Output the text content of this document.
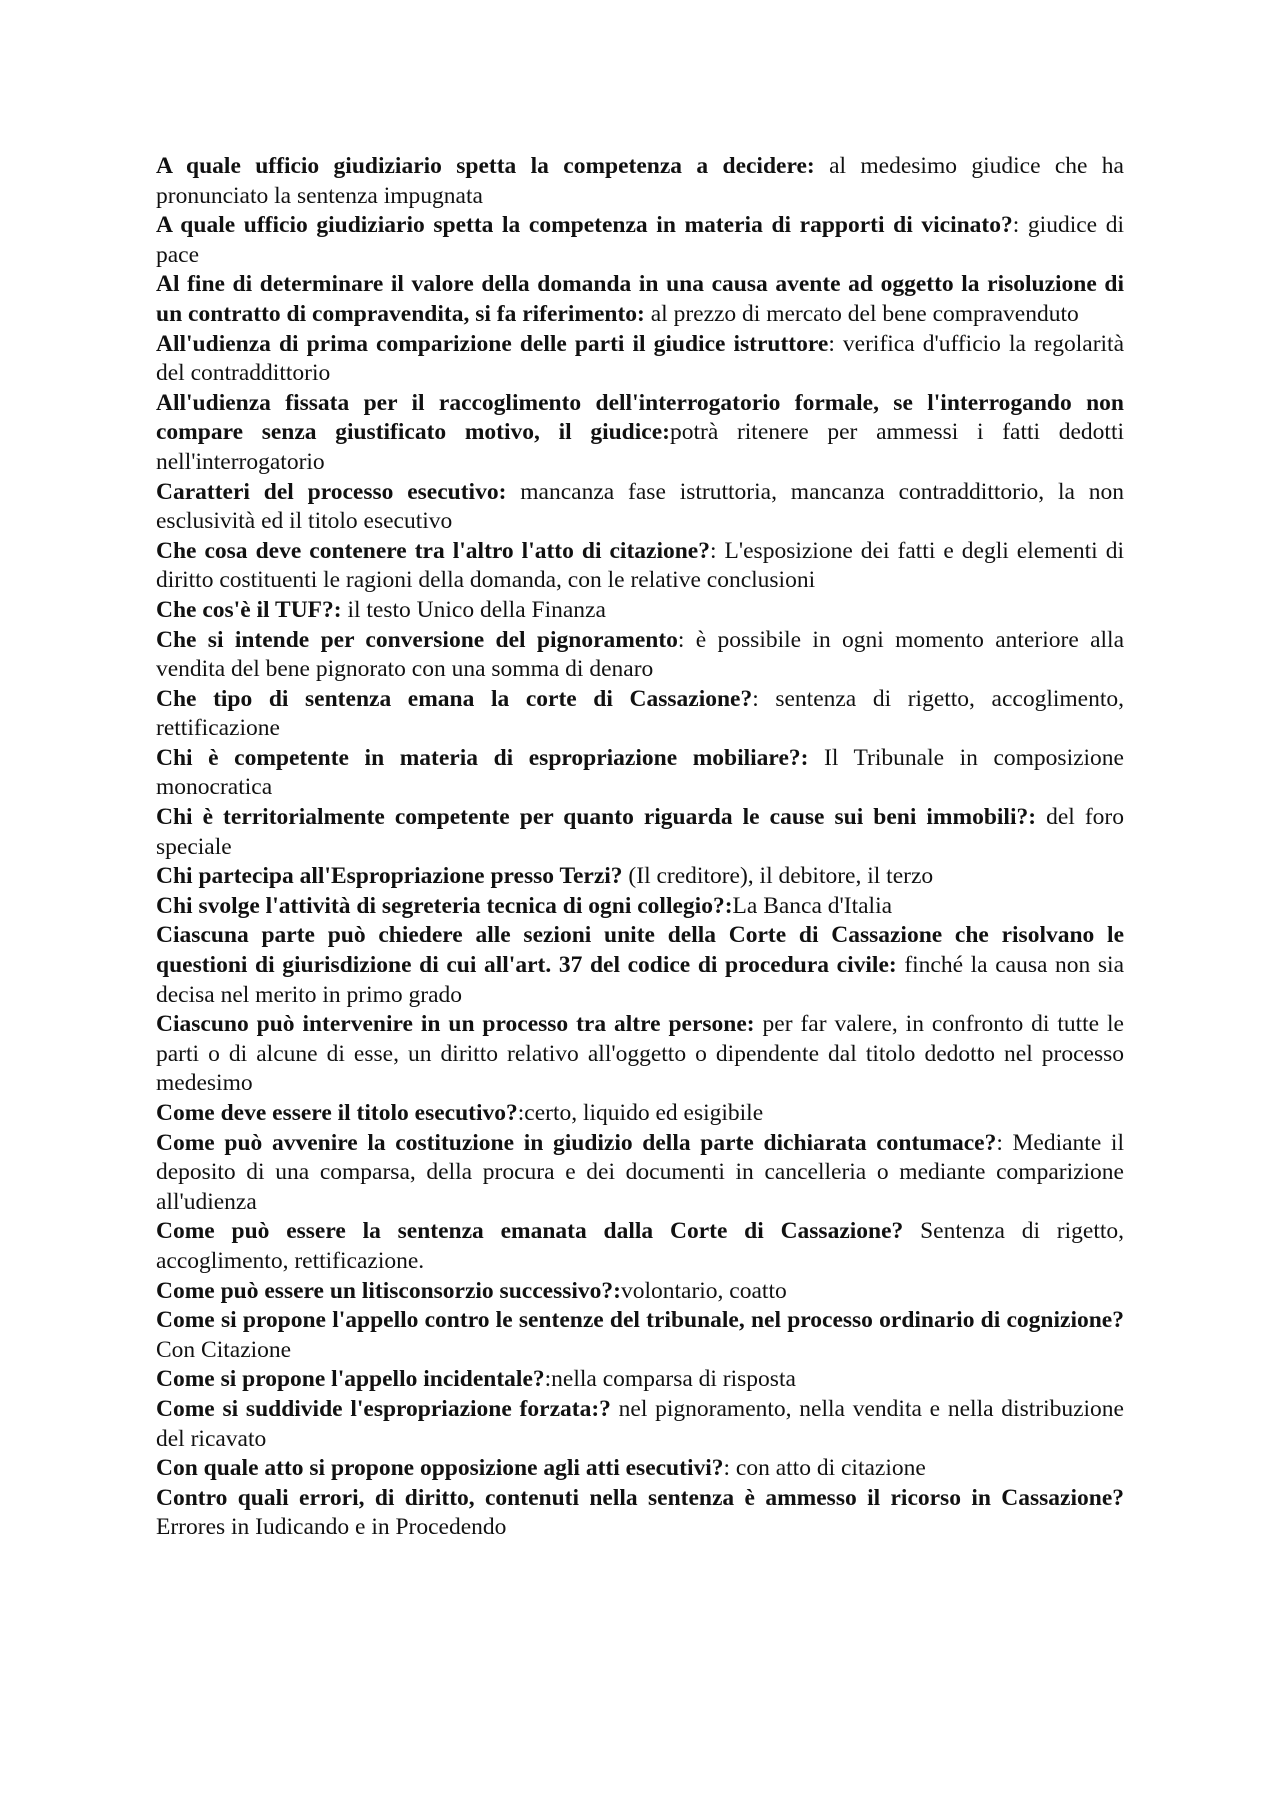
A quale ufficio giudiziario spetta la competenza a decidere: al medesimo giudice che ha pronunciato la sentenza impugnata

A quale ufficio giudiziario spetta la competenza in materia di rapporti di vicinato?: giudice di pace

Al fine di determinare il valore della domanda in una causa avente ad oggetto la risoluzione di un contratto di compravendita, si fa riferimento: al prezzo di mercato del bene compravenduto

All'udienza di prima comparizione delle parti il giudice istruttore: verifica d'ufficio la regolarità del contraddittorio

All'udienza fissata per il raccoglimento dell'interrogatorio formale, se l'interrogando non compare senza giustificato motivo, il giudice:potrà ritenere per ammessi i fatti dedotti nell'interrogatorio

Caratteri del processo esecutivo: mancanza fase istruttoria, mancanza contraddittorio, la non esclusività ed il titolo esecutivo

Che cosa deve contenere tra l'altro l'atto di citazione?: L'esposizione dei fatti e degli elementi di diritto costituenti le ragioni della domanda, con le relative conclusioni

Che cos'è il TUF?: il testo Unico della Finanza

Che si intende per conversione del pignoramento: è possibile in ogni momento anteriore alla vendita del bene pignorato con una somma di denaro

Che tipo di sentenza emana la corte di Cassazione?: sentenza di rigetto, accoglimento, rettificazione

Chi è competente in materia di espropriazione mobiliare?: Il Tribunale in composizione monocratica

Chi è territorialmente competente per quanto riguarda le cause sui beni immobili?: del foro speciale

Chi partecipa all'Espropriazione presso Terzi? (Il creditore), il debitore, il terzo

Chi svolge l'attività di segreteria tecnica di ogni collegio?:La Banca d'Italia

Ciascuna parte può chiedere alle sezioni unite della Corte di Cassazione che risolvano le questioni di giurisdizione di cui all'art. 37 del codice di procedura civile: finché la causa non sia decisa nel merito in primo grado

Ciascuno può intervenire in un processo tra altre persone: per far valere, in confronto di tutte le parti o di alcune di esse, un diritto relativo all'oggetto o dipendente dal titolo dedotto nel processo medesimo

Come deve essere il titolo esecutivo?:certo, liquido ed esigibile

Come può avvenire la costituzione in giudizio della parte dichiarata contumace?: Mediante il deposito di una comparsa, della procura e dei documenti in cancelleria o mediante comparizione all'udienza

Come può essere la sentenza emanata dalla Corte di Cassazione? Sentenza di rigetto, accoglimento, rettificazione.

Come può essere un litisconsorzio successivo?:volontario, coatto

Come si propone l'appello contro le sentenze del tribunale, nel processo ordinario di cognizione? Con Citazione

Come si propone l'appello incidentale?:nella comparsa di risposta

Come si suddivide l'espropriazione forzata:? nel pignoramento, nella vendita e nella distribuzione del ricavato

Con quale atto si propone opposizione agli atti esecutivi?: con atto di citazione

Contro quali errori, di diritto, contenuti nella sentenza è ammesso il ricorso in Cassazione? Errores in Iudicando e in Procedendo
